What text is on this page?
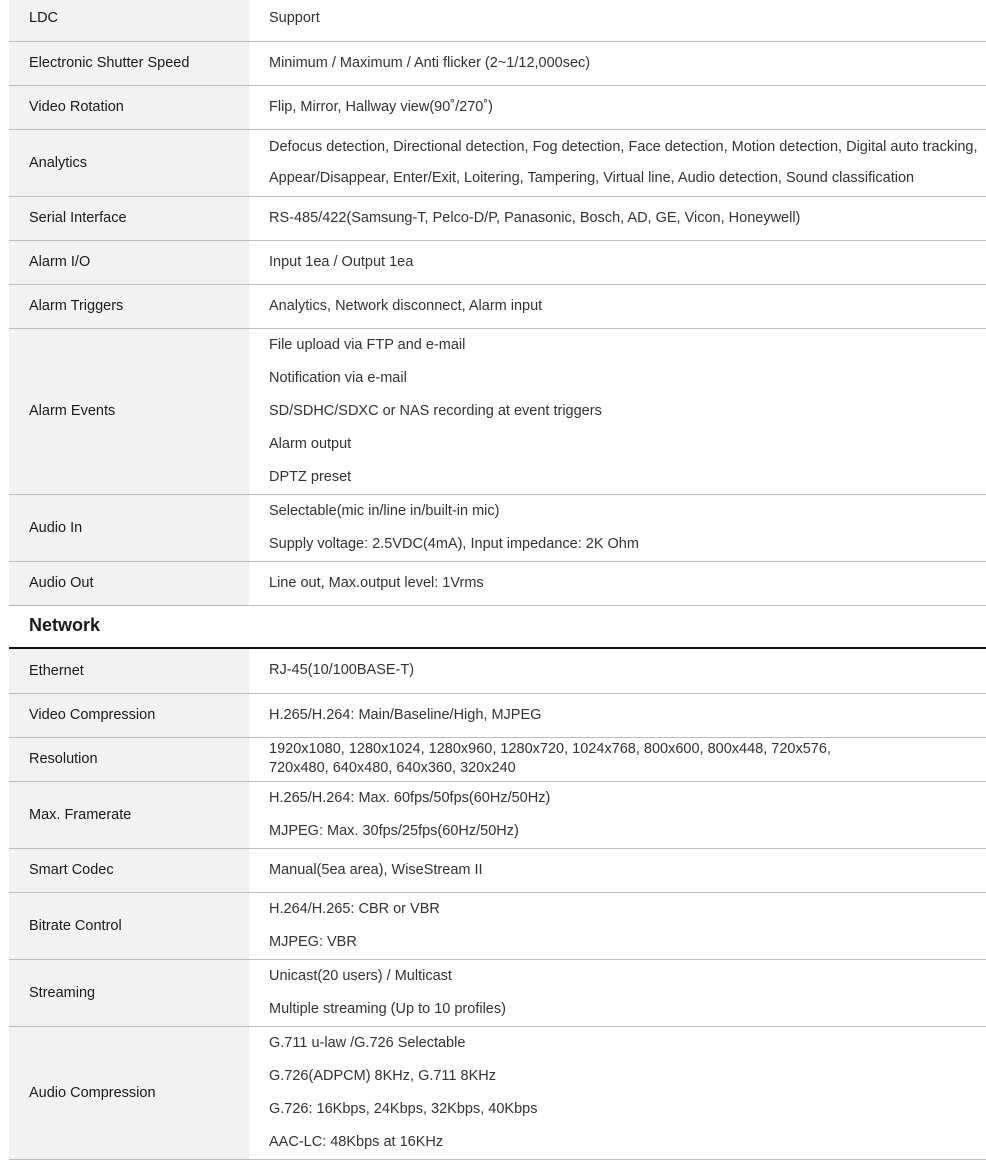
LDC	Support

Electronic Shutter Speed	Minimum / Maximum / Anti flicker (2~1/12,000sec)

Video Rotation	Flip, Mirror, Hallway view(90˚/270˚)

Analytics	Defocus detection, Directional detection, Fog detection, Face detection, Motion detection, Digital auto tracking,
Appear/Disappear, Enter/Exit, Loitering, Tampering, Virtual line, Audio detection, Sound classification

Serial Interface	RS-485/422(Samsung-T, Pelco-D/P, Panasonic, Bosch, AD, GE, Vicon, Honeywell)

Alarm I/O	Input 1ea / Output 1ea

Alarm Triggers	Analytics, Network disconnect, Alarm input

Alarm Events	File upload via FTP and e-mail
Notification via e-mail
SD/SDHC/SDXC or NAS recording at event triggers
Alarm output
DPTZ preset

Audio In	Selectable(mic in/line in/built-in mic)
Supply voltage: 2.5VDC(4mA), Input impedance: 2K Ohm

Audio Out	Line out, Max.output level: 1Vrms
Network
Ethernet	RJ-45(10/100BASE-T)

Video Compression	H.265/H.264: Main/Baseline/High, MJPEG

Resolution	1920x1080, 1280x1024, 1280x960, 1280x720, 1024x768, 800x600, 800x448, 720x576,
720x480, 640x480, 640x360, 320x240

Max. Framerate	H.265/H.264: Max. 60fps/50fps(60Hz/50Hz)
MJPEG: Max. 30fps/25fps(60Hz/50Hz)

Smart Codec	Manual(5ea area), WiseStream II

Bitrate Control	H.264/H.265: CBR or VBR
MJPEG: VBR

Streaming	Unicast(20 users) / Multicast
Multiple streaming (Up to 10 profiles)

Audio Compression	G.711 u-law /G.726 Selectable
G.726(ADPCM) 8KHz, G.711 8KHz
G.726: 16Kbps, 24Kbps, 32Kbps, 40Kbps
AAC-LC: 48Kbps at 16KHz
